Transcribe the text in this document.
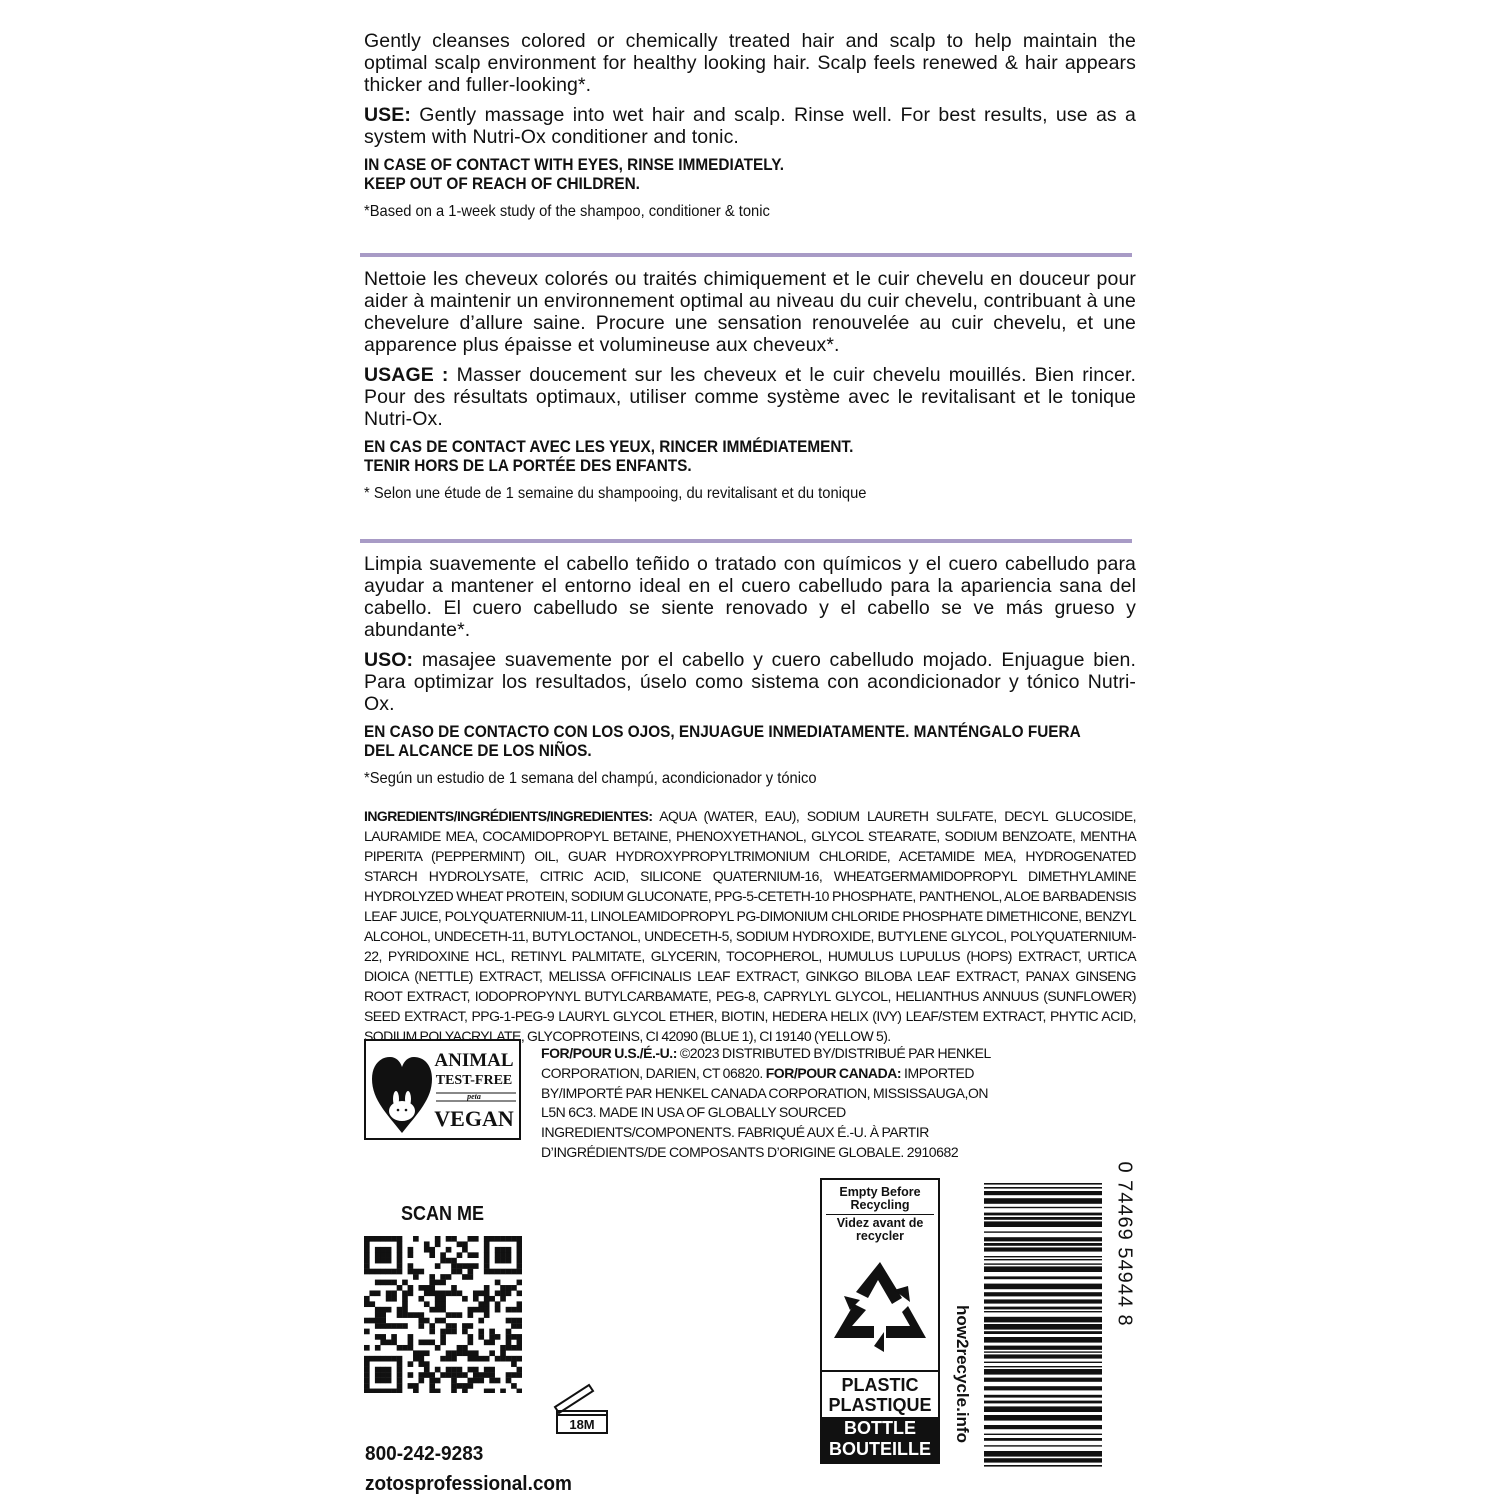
Gently cleanses colored or chemically treated hair and scalp to help maintain the optimal scalp environment for healthy looking hair. Scalp feels renewed & hair appears thicker and fuller-looking*.

USE: Gently massage into wet hair and scalp. Rinse well. For best results, use as a system with Nutri-Ox conditioner and tonic.

IN CASE OF CONTACT WITH EYES, RINSE IMMEDIATELY.

KEEP OUT OF REACH OF CHILDREN.

*Based on a 1-week study of the shampoo, conditioner & tonic

Nettoie les cheveux colorés ou traités chimiquement et le cuir chevelu en douceur pour aider à maintenir un environnement optimal au niveau du cuir chevelu, contribuant à une chevelure d’allure saine. Procure une sensation renouvelée au cuir chevelu, et une apparence plus épaisse et volumineuse aux cheveux*.

USAGE : Masser doucement sur les cheveux et le cuir chevelu mouillés. Bien rincer. Pour des résultats optimaux, utiliser comme système avec le revitalisant et le tonique Nutri-Ox.

EN CAS DE CONTACT AVEC LES YEUX, RINCER IMMÉDIATEMENT.

TENIR HORS DE LA PORTÉE DES ENFANTS.

* Selon une étude de 1 semaine du shampooing, du revitalisant et du tonique

Limpia suavemente el cabello teñido o tratado con químicos y el cuero cabelludo para ayudar a mantener el entorno ideal en el cuero cabelludo para la apariencia sana del cabello. El cuero cabelludo se siente renovado y el cabello se ve más grueso y abundante*.

USO: masajee suavemente por el cabello y cuero cabelludo mojado. Enjuague bien. Para optimizar los resultados, úselo como sistema con acondicionador y tónico Nutri-Ox.

EN CASO DE CONTACTO CON LOS OJOS, ENJUAGUE INMEDIATAMENTE. MANTÉNGALO FUERA

DEL ALCANCE DE LOS NIÑOS.

*Según un estudio de 1 semana del champú, acondicionador y tónico

INGREDIENTS/INGRÉDIENTS/INGREDIENTES: AQUA (WATER, EAU), SODIUM LAURETH SULFATE, DECYL GLUCOSIDE, LAURAMIDE MEA, COCAMIDOPROPYL BETAINE, PHENOXYETHANOL, GLYCOL STEARATE, SODIUM BENZOATE, MENTHA PIPERITA (PEPPERMINT) OIL, GUAR HYDROXYPROPYLTRIMONIUM CHLORIDE, ACETAMIDE MEA, HYDROGENATED STARCH HYDROLYSATE, CITRIC ACID, SILICONE QUATERNIUM-16, WHEATGERMAMIDOPROPYL DIMETHYLAMINE HYDROLYZED WHEAT PROTEIN, SODIUM GLUCONATE, PPG-5-CETETH-10 PHOSPHATE, PANTHENOL, ALOE BARBADENSIS LEAF JUICE, POLYQUATERNIUM-11, LINOLEAMIDOPROPYL PG-DIMONIUM CHLORIDE PHOSPHATE DIMETHICONE, BENZYL ALCOHOL, UNDECETH-11, BUTYLOCTANOL, UNDECETH-5, SODIUM HYDROXIDE, BUTYLENE GLYCOL, POLYQUATERNIUM-22, PYRIDOXINE HCL, RETINYL PALMITATE, GLYCERIN, TOCOPHEROL, HUMULUS LUPULUS (HOPS) EXTRACT, URTICA DIOICA (NETTLE) EXTRACT, MELISSA OFFICINALIS LEAF EXTRACT, GINKGO BILOBA LEAF EXTRACT, PANAX GINSENG ROOT EXTRACT, IODOPROPYNYL BUTYLCARBAMATE, PEG-8, CAPRYLYL GLYCOL, HELIANTHUS ANNUUS (SUNFLOWER) SEED EXTRACT, PPG-1-PEG-9 LAURYL GLYCOL ETHER, BIOTIN, HEDERA HELIX (IVY) LEAF/STEM EXTRACT, PHYTIC ACID, SODIUM POLYACRYLATE, GLYCOPROTEINS, CI 42090 (BLUE 1), CI 19140 (YELLOW 5).
ANIMAL
TEST-FREE
peta
VEGAN
FOR/POUR U.S./É.-U.: ©2023 DISTRIBUTED BY/DISTRIBUÉ PAR HENKEL CORPORATION, DARIEN, CT 06820. FOR/POUR CANADA: IMPORTED BY/IMPORTÉ PAR HENKEL CANADA CORPORATION, MISSISSAUGA,ON L5N 6C3. MADE IN USA OF GLOBALLY SOURCED INGREDIENTS/COMPONENTS. FABRIQUÉ AUX É.-U. À PARTIR D’INGRÉDIENTS/DE COMPOSANTS D’ORIGINE GLOBALE. 2910682
SCAN ME
800-242-9283
zotosprofessional.com
18M
Empty Before
Recycling
Videz avant de
recycler
PLASTIC
PLASTIQUE
BOTTLE
BOUTEILLE
how2recycle.info
0 74469 54944 8
